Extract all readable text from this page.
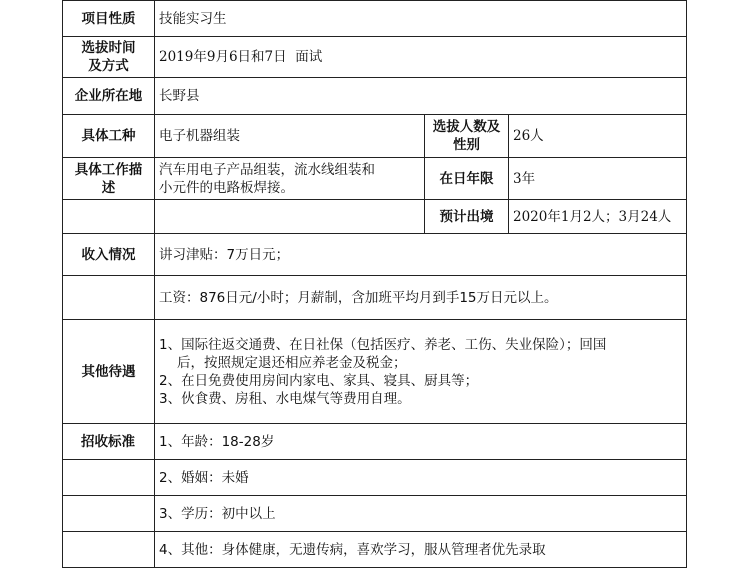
项目性质	技能实习生		

选拔时间
及方式	2019年9月6日和7日 面试		
企业所在地	长野县		
具体工种	电子机器组装	选拔人数及
性别	26人

具体工作描
述	汽车用电子产品组装，流水线组装和
小元件的电路板焊接。	在日年限	3年
		预计出境	2020年1月2人；3月24人
收入情况	讲习津贴：7万日元；		
	工资：876日元/小时；月薪制，含加班平均月到手15万日元以上。		
其他待遇	1、国际往返交通费、在日社保（包括医疗、养老、工伤、失业保险）；回国
后，按照规定退还相应养老金及税金；
2、在日免费使用房间内家电、家具、寝具、厨具等；
3、伙食费、房租、水电煤气等费用自理。		

招收标准	1、年龄：18-28岁		
	2、婚姻：未婚		
	3、学历：初中以上		
	4、其他：身体健康，无遗传病，喜欢学习，服从管理者优先录取		
